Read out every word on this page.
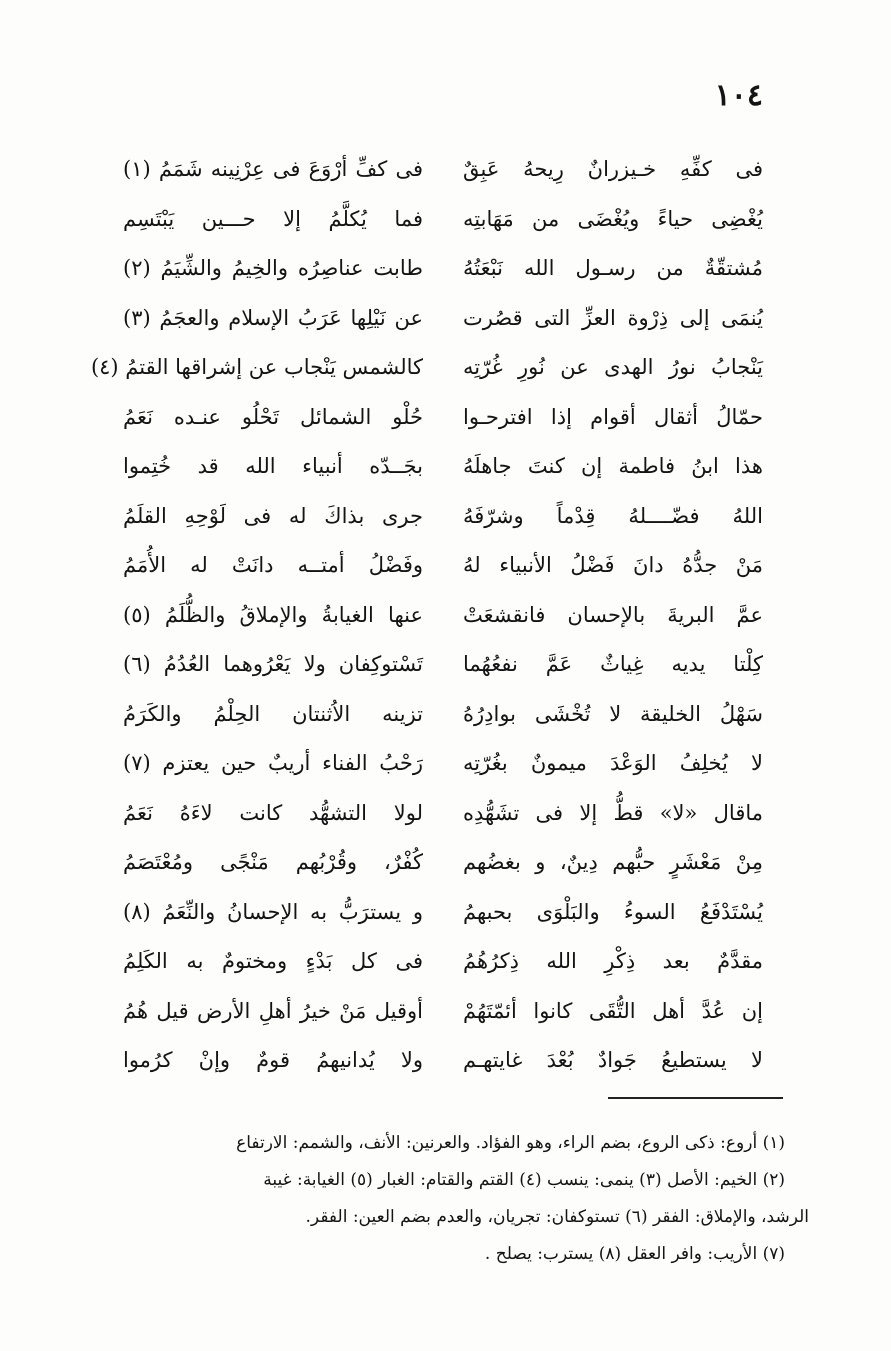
١٠٤
فى كفِّهِ خـيزرانٌ رِيحهُ عَبِقٌ
فى كفِّ أرْوَعَ فى عِرْنِينه شَمَمُ (١)
يُغْضِى حياءً ويُغْضَى من مَهَابتِه
فما يُكلَّمُ إلا حـــين يَبْتَسِم
مُشتقّةٌ من رسـول الله نَبْعَتُهُ
طابت عناصِرُه والخِيمُ والشِّيَمُ (٢)
يُنمَى إلى ذِرْوة العزِّ التى قصُرت
عن نَيْلِها عَرَبُ الإسلام والعجَمُ (٣)
يَنْجابُ نورُ الهدى عن نُورِ غُرّتِه
كالشمس يَنْجاب عن إشراقها القتمُ (٤)
حمّالُ أثقال أقوام إذا افترحـوا
حُلْو الشمائل تَحْلُو عنـده نَعَمُ
هذا ابنُ فاطمة إن كنتَ جاهلَهُ
بجَــدّه أنبياء الله قد خُتِموا
اللهُ فضّــــلهُ قِدْماً وشرّفَهُ
جرى بذاكَ له فى لَوْحِهِ القلَمُ
مَنْ جدُّهُ دانَ فَضْلُ الأنبياء لهُ
وفَضْلُ أمتــه دانَتْ له الأُمَمُ
عمَّ البريةَ بالإحسان فانقشعَتْ
عنها الغيابةُ والإملاقُ والظُّلَمُ (٥)
كِلْتا يديه غِياثٌ عَمَّ نفعُهُما
تَسْتوكِفان ولا يَعْرُوهما العُدُمُ (٦)
سَهْلُ الخليقة لا تُخْشَى بوادِرُهُ
تزينه الاُثنتان الحِلْمُ والكَرَمُ
لا يُخلِفُ الوَعْدَ ميمونٌ بغُرّتِه
رَحْبُ الفناء أريبٌ حين يعتزم (٧)
ماقال «لا» قطُّ إلا فى تشَهُّدِه
لولا التشهُّد كانت لاءَهُ نَعَمُ
مِنْ مَعْشَرٍ حبُّهم دِينٌ، و بغضُهم
كُفْرٌ، وقُرْبُهم مَنْجًى ومُعْتَصَمُ
يُسْتَدْفَعُ السوءُ والبَلْوَى بحبهمُ
و يسترَبُّ به الإحسانُ والنِّعَمُ (٨)
مقدَّمٌ بعد ذِكْرِ الله ذِكرُهُمُ
فى كل بَدْءٍ ومختومٌ به الكَلِمُ
إن عُدَّ أهل التُّقَى كانوا أئمّتَهُمْ
أوقيل مَنْ خيرُ أهلِ الأرض قيل هُمُ
لا يستطيعُ جَوادٌ بُعْدَ غايتهـم
ولا يُدانيهمُ قومٌ وإنْ كرُموا
(١) أروع: ذكى الروع، بضم الراء، وهو الفؤاد. والعرنين: الأنف، والشمم: الارتفاع
(٢) الخيم: الأصل (٣) ينمى: ينسب (٤) القتم والقتام: الغبار (٥) الغيابة: غيبة
الرشد، والإملاق: الفقر (٦) تستوكفان: تجريان، والعدم بضم العين: الفقر.
(٧) الأريب: وافر العقل (٨) يسترب: يصلح .
